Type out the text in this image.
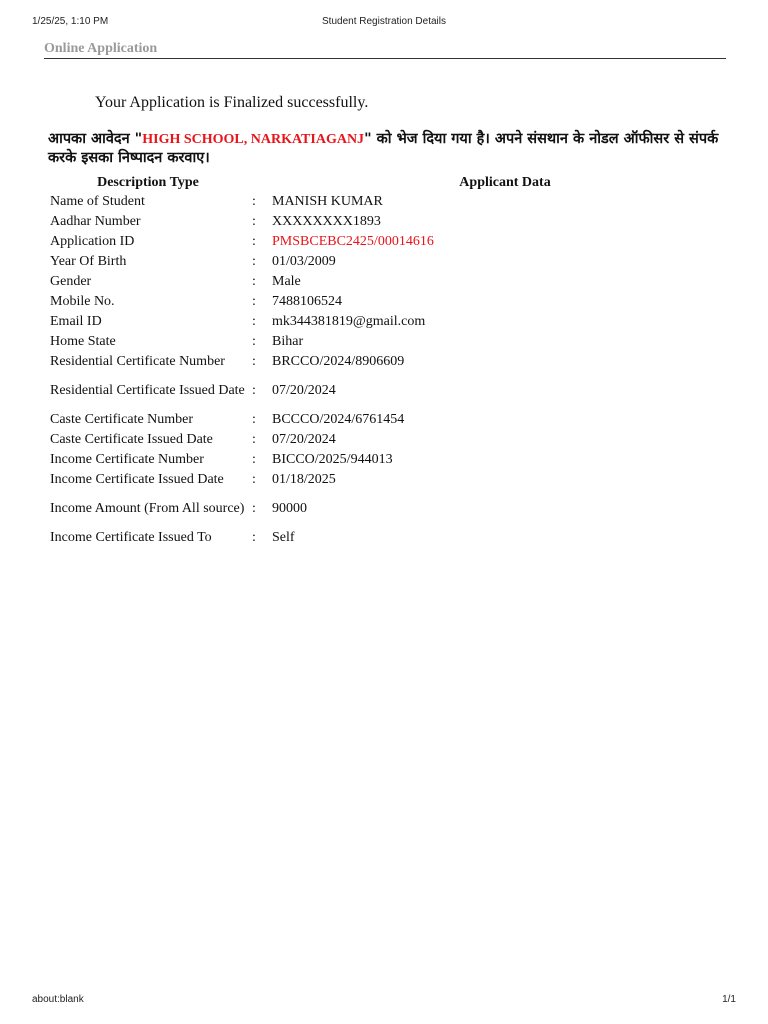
1/25/25, 1:10 PM	Student Registration Details
Online Application
Your Application is Finalized successfully.
आपका आवेदन "HIGH SCHOOL, NARKATIAGANJ" को भेज दिया गया है। अपने संसथान के नोडल ऑफीसर से संपर्क करके इसका निष्पादन करवाए।
Description Type		Applicant Data
Name of Student	:	MANISH KUMAR
Aadhar Number	:	XXXXXXXX1893
Application ID	:	PMSBCEBC2425/00014616
Year Of Birth	:	01/03/2009
Gender	:	Male
Mobile No.	:	7488106524
Email ID	:	mk344381819@gmail.com
Home State	:	Bihar
Residential Certificate Number	:	BRCCO/2024/8906609
Residential Certificate Issued Date	:	07/20/2024
Caste Certificate Number	:	BCCCO/2024/6761454
Caste Certificate Issued Date	:	07/20/2024
Income Certificate Number	:	BICCO/2025/944013
Income Certificate Issued Date	:	01/18/2025
Income Amount (From All source)	:	90000
Income Certificate Issued To	:	Self
about:blank	1/1
